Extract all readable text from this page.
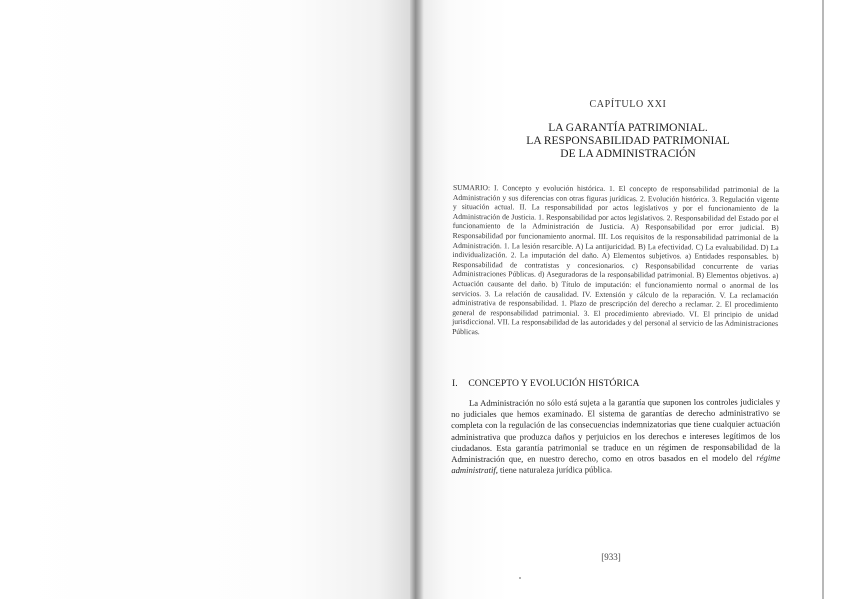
CAPÍTULO XXI
LA GARANTÍA PATRIMONIAL.
LA RESPONSABILIDAD PATRIMONIAL
DE LA ADMINISTRACIÓN
SUMARIO: I. Concepto y evolución histórica. 1. El concepto de responsabilidad patrimonial de la Administración y sus diferencias con otras figuras jurídicas. 2. Evolución histórica. 3. Regulación vigente y situación actual. II. La responsabilidad por actos legislativos y por el funcionamiento de la Administración de Justicia. 1. Responsabilidad por actos legislativos. 2. Responsabilidad del Estado por el funcionamiento de la Administración de Justicia. A) Responsabilidad por error judicial. B) Responsabilidad por funcionamiento anormal. III. Los requisitos de la responsabilidad patrimonial de la Administración. 1. La lesión resarcible. A) La antijuricidad. B) La efectividad. C) La evaluabilidad. D) La individualización. 2. La imputación del daño. A) Elementos subjetivos. a) Entidades responsables. b) Responsabilidad de contratistas y concesionarios. c) Responsabilidad concurrente de varias Administraciones Públicas. d) Aseguradoras de la responsabilidad patrimonial. B) Elementos objetivos. a) Actuación causante del daño. b) Título de imputación: el funcionamiento normal o anormal de los servicios. 3. La relación de causalidad. IV. Extensión y cálculo de la reparación. V. La reclamación administrativa de responsabilidad. 1. Plazo de prescripción del derecho a reclamar. 2. El procedimiento general de responsabilidad patrimonial. 3. El procedimiento abreviado. VI. El principio de unidad jurisdiccional. VII. La responsabilidad de las autoridades y del personal al servicio de las Administraciones Públicas.
I. CONCEPTO Y EVOLUCIÓN HISTÓRICA
La Administración no sólo está sujeta a la garantía que suponen los controles judiciales y no judiciales que hemos examinado. El sistema de garantías de derecho administrativo se completa con la regulación de las consecuencias indemnizatorias que tiene cualquier actuación administrativa que produzca daños y perjuicios en los derechos e intereses legítimos de los ciudadanos. Esta garantía patrimonial se traduce en un régimen de responsabilidad de la Administración que, en nuestro derecho, como en otros basados en el modelo del régime administratif, tiene naturaleza jurídica pública.
[933]
